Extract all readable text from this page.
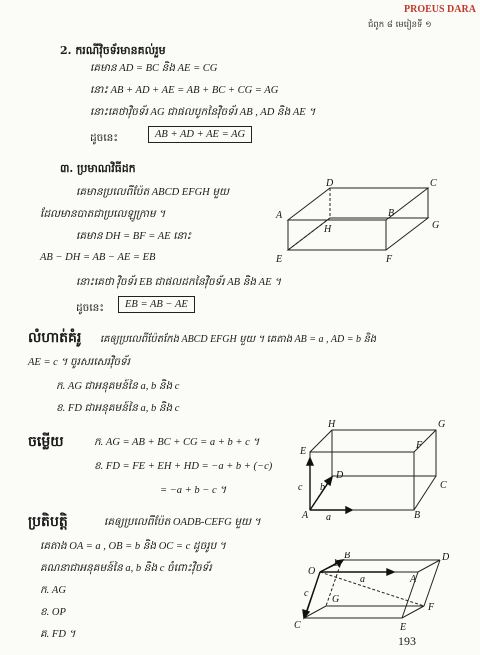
PROEUS DARA
ជំពូក ៨ មេរៀនទី ១
2. ករណីវ៉ិចទ័រមានគល់រួម
គេមាន AD = BC និង AE = CG
នោះ AB + AD + AE = AB + BC + CG = AG
នោះគេថាវ៉ិចទ័រ AG ជាផលបូកនៃវ៉ិចទ័រ AB , AD និង AE ។
ដូចនេះ	AB + AD + AE = AG
៣. ប្រមាណវិធីដក
គេមានប្រលេពីប៉ែត ABCD EFGH មួយ
ដែលមានបាតជាប្រលេឡូក្រាម ។
គេមាន DH = BF = AE នោះ
AB − DH = AB − AE = EB
នោះគេថា វ៉ិចទ័រ EB ជាផលដកនៃវ៉ិចទ័រ AB និង AE ។
ដូចនេះ	EB = AB − AE
D	C
A	B
H	G
E	F
លំហាត់គំរូ គេឲ្យប្រលេពីប៉ែតកែង ABCD EFGH មួយ ។ គេតាង AB = a , AD = b និង
AE = c ។ ចូរសរសេរវ៉ិចទ័រ
ក. AG ជាអនុគមន៍នៃ a, b និង c
ខ. FD ជាអនុគមន៍នៃ a, b និង c
ចម្លើយ	ក. AG = AB + BC + CG = a + b + c ។
ខ. FD = FE + EH + HD = −a + b + (−c)
= −a + b − c ។
H	G
E
F
D
C
A	B
c b
a
ប្រតិបត្តិ	គេឲ្យប្រលេពីប៉ែត OADB-CEFG មួយ ។
គេតាង OA = a , OB = b និង OC = c ដូចរូប ។
គណនាជាអនុគមន៍នៃ a, b និង c ចំពោះវ៉ិចទ័រ
ក. AG
ខ. OP
គ. FD ។
B	D
O
a	A
G
c
F
C	E
b
193
